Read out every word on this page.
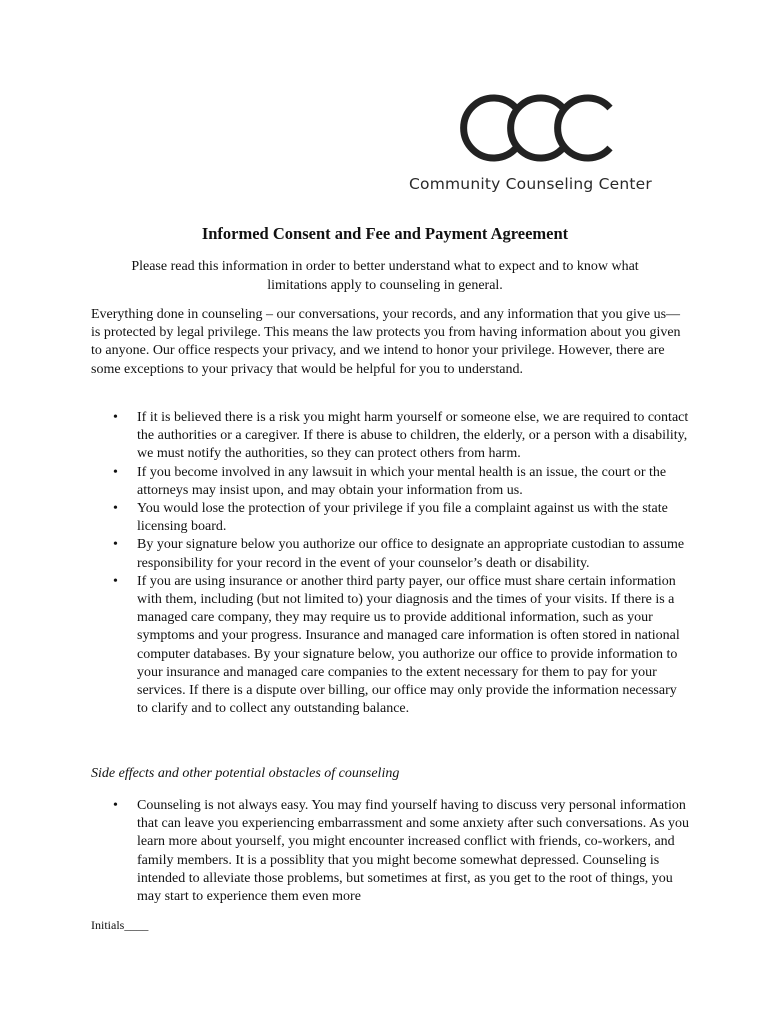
Community Counseling Center
Informed Consent and Fee and Payment Agreement
Please read this information in order to better understand what to expect and to know what
limitations apply to counseling in general.
Everything done in counseling – our conversations, your records, and any information that you give us— is protected by legal privilege. This means the law protects you from having information about you given to anyone. Our office respects your privacy, and we intend to honor your privilege. However, there are some exceptions to your privacy that would be helpful for you to understand.
• If it is believed there is a risk you might harm yourself or someone else, we are required to contact the authorities or a caregiver. If there is abuse to children, the elderly, or a person with a disability, we must notify the authorities, so they can protect others from harm.
• If you become involved in any lawsuit in which your mental health is an issue, the court or the attorneys may insist upon, and may obtain your information from us.
• You would lose the protection of your privilege if you file a complaint against us with the state licensing board.
• By your signature below you authorize our office to designate an appropriate custodian to assume responsibility for your record in the event of your counselor’s death or disability.
• If you are using insurance or another third party payer, our office must share certain information with them, including (but not limited to) your diagnosis and the times of your visits. If there is a managed care company, they may require us to provide additional information, such as your symptoms and your progress. Insurance and managed care information is often stored in national computer databases. By your signature below, you authorize our office to provide information to your insurance and managed care companies to the extent necessary for them to pay for your services. If there is a dispute over billing, our office may only provide the information necessary to clarify and to collect any outstanding balance.
Side effects and other potential obstacles of counseling
• Counseling is not always easy. You may find yourself having to discuss very personal information that can leave you experiencing embarrassment and some anxiety after such conversations. As you learn more about yourself, you might encounter increased conflict with friends, co-workers, and family members. It is a possiblity that you might become somewhat depressed. Counseling is intended to alleviate those problems, but sometimes at first, as you get to the root of things, you may start to experience them even more
Initials____
